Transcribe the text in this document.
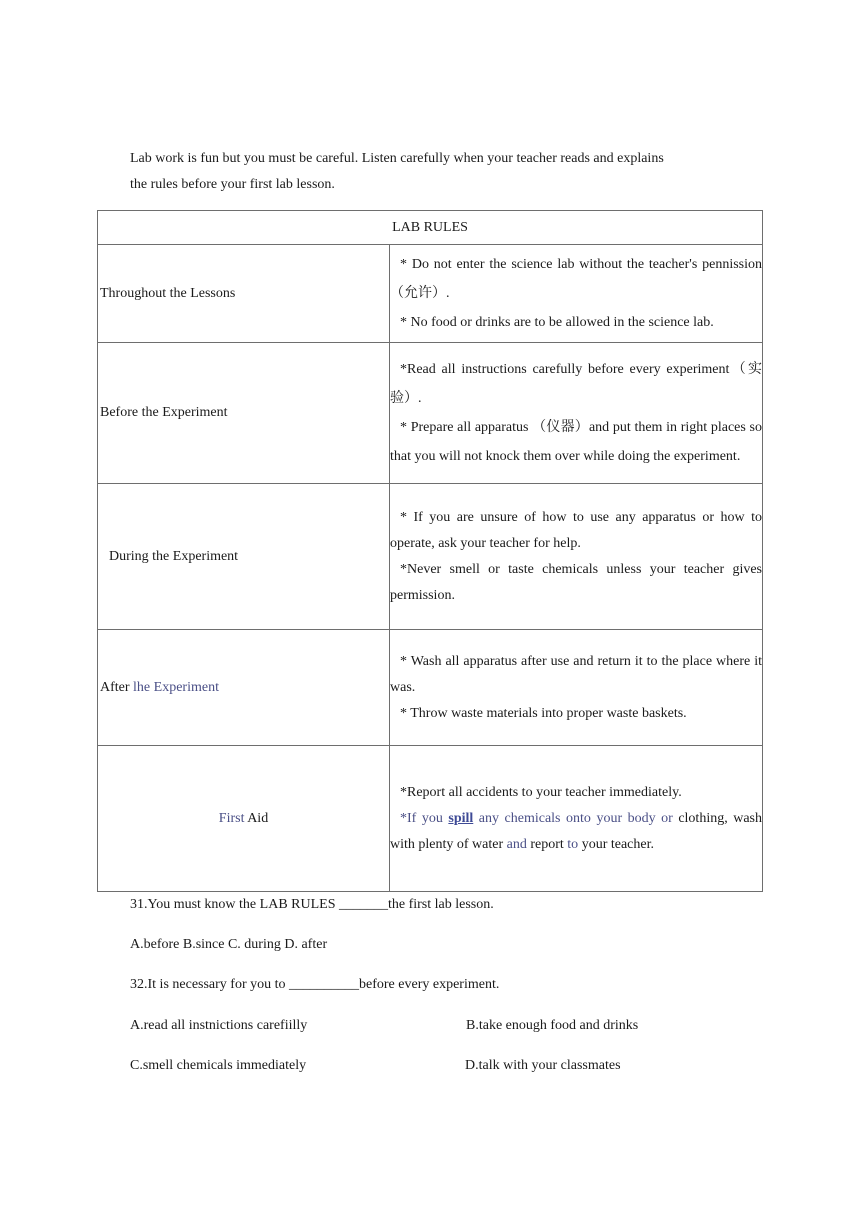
Lab work is fun but you must be careful. Listen carefully when your teacher reads and explains

the rules before your first lab lesson.

LAB RULES	
Throughout the Lessons	* Do not enter the science lab without the teacher's pennission（允许）.
* No food or drinks are to be allowed in the science lab.

Before the Experiment	*Read all instructions carefully before every experiment（实验）.
* Prepare all apparatus （仪器）and put them in right places so that you will not knock them over while doing the experiment.

During the Experiment	* If you are unsure of how to use any apparatus or how to operate, ask your teacher for help.
*Never smell or taste chemicals unless your teacher gives permission.

After lhe Experiment	* Wash all apparatus after use and return it to the place where it was.
* Throw waste materials into proper waste baskets.

First Aid	*Report all accidents to your teacher immediately.
*If you spill any chemicals onto your body or clothing, wash with plenty of water and report to your teacher.
31.You must know the LAB RULES _______the first lab lesson.
A.before B.since C. during D. after
32.It is necessary for you to __________before every experiment.
A.read all instnictions carefiilly	B.take enough food and drinks
C.smell chemicals immediately	D.talk with your classmates
